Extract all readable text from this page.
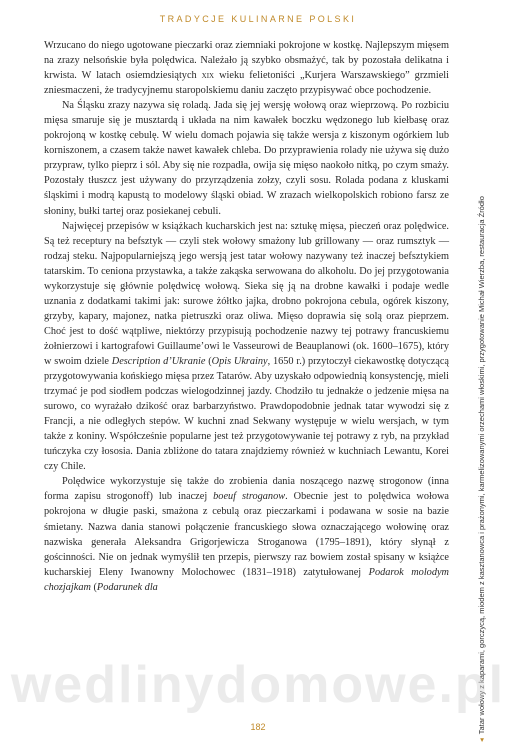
TRADYCJE KULINARNE POLSKI

Wrzucano do niego ugotowane pieczarki oraz ziemniaki pokrojone w kostkę. Najlepszym mięsem na zrazy nelsońskie była polędwica. Należało ją szybko obsmażyć, tak by pozostała delikatna i krwista. W latach osiemdziesiątych xix wieku felietoniści „Kurjera Warszawskiego” grzmieli zniesmaczeni, że tradycyjnemu staropolskiemu daniu zaczęto przypisywać obce pochodzenie.

Na Śląsku zrazy nazywa się roladą. Jada się jej wersję wołową oraz wieprzową. Po rozbiciu mięsa smaruje się je musztardą i układa na nim kawałek boczku wędzonego lub kiełbasę oraz pokrojoną w kostkę cebulę. W wielu domach pojawia się także wersja z kiszonym ogórkiem lub korniszonem, a czasem także nawet kawałek chleba. Do przyprawienia rolady nie używa się dużo przypraw, tylko pieprz i sól. Aby się nie rozpadła, owija się mięso naokoło nitką, po czym smaży. Pozostały tłuszcz jest używany do przyrządzenia zołzy, czyli sosu. Rolada podana z kluskami śląskimi i modrą kapustą to modelowy śląski obiad. W zrazach wielkopolskich robiono farsz ze słoniny, bułki tartej oraz posiekanej cebuli.

Najwięcej przepisów w książkach kucharskich jest na: sztukę mięsa, pieczeń oraz polędwice. Są też receptury na befsztyk — czyli stek wołowy smażony lub grillowany — oraz rumsztyk — rodzaj steku. Najpopularniejszą jego wersją jest tatar wołowy nazywany też inaczej befsztykiem tatarskim. To ceniona przystawka, a także zakąska serwowana do alkoholu. Do jej przygotowania wykorzystuje się głównie polędwicę wołową. Sieka się ją na drobne kawałki i podaje wedle uznania z dodatkami takimi jak: surowe żółtko jajka, drobno pokrojona cebula, ogórek kiszony, grzyby, kapary, majonez, natka pietruszki oraz oliwa. Mięso doprawia się solą oraz pieprzem. Choć jest to dość wątpliwe, niektórzy przypisują pochodzenie nazwy tej potrawy francuskiemu żołnierzowi i kartografowi Guillaume’owi le Vasseurowi de Beauplanowi (ok. 1600–1675), który w swoim dziele Description d’Ukranie (Opis Ukrainy, 1650 r.) przytoczył ciekawostkę dotyczącą przygotowywania końskiego mięsa przez Tatarów. Aby uzyskało odpowiednią konsystencję, mieli trzymać je pod siodłem podczas wielogodzinnej jazdy. Chodziło tu jednakże o jedzenie mięsa na surowo, co wyrażało dzikość oraz barbarzyństwo. Prawdopodobnie jednak tatar wywodzi się z Francji, a nie odległych stepów. W kuchni znad Sekwany występuje w wielu wersjach, w tym także z koniny. Współcześnie popularne jest też przygotowywanie tej potrawy z ryb, na przykład tuńczyka czy łososia. Dania zbliżone do tatara znajdziemy również w kuchniach Lewantu, Korei czy Chile.

Polędwice wykorzystuje się także do zrobienia dania noszącego nazwę strogonow (inna forma zapisu strogonoff) lub inaczej boeuf stroganow. Obecnie jest to polędwica wołowa pokrojona w długie paski, smażona z cebulą oraz pieczarkami i podawana w sosie na bazie śmietany. Nazwa dania stanowi połączenie francuskiego słowa oznaczającego wołowinę oraz nazwiska generała Aleksandra Grigorjewicza Stroganowa (1795–1891), który słynął z gościnności. Nie on jednak wymyślił ten przepis, pierwszy raz bowiem został spisany w książce kucharskiej Eleny Iwanowny Molochowec (1831–1918) zatytułowanej Podarok molodym chozjajkam (Podarunek dla

◂Tatar wołowy z kaparami, gorczycą, miodem z kasztanowca i prażonymi, karmelizowanymi orzechami włoskimi, przygotowanie Michał Wierzba, restauracja Źródło
wedlinydomowe.pl
182
